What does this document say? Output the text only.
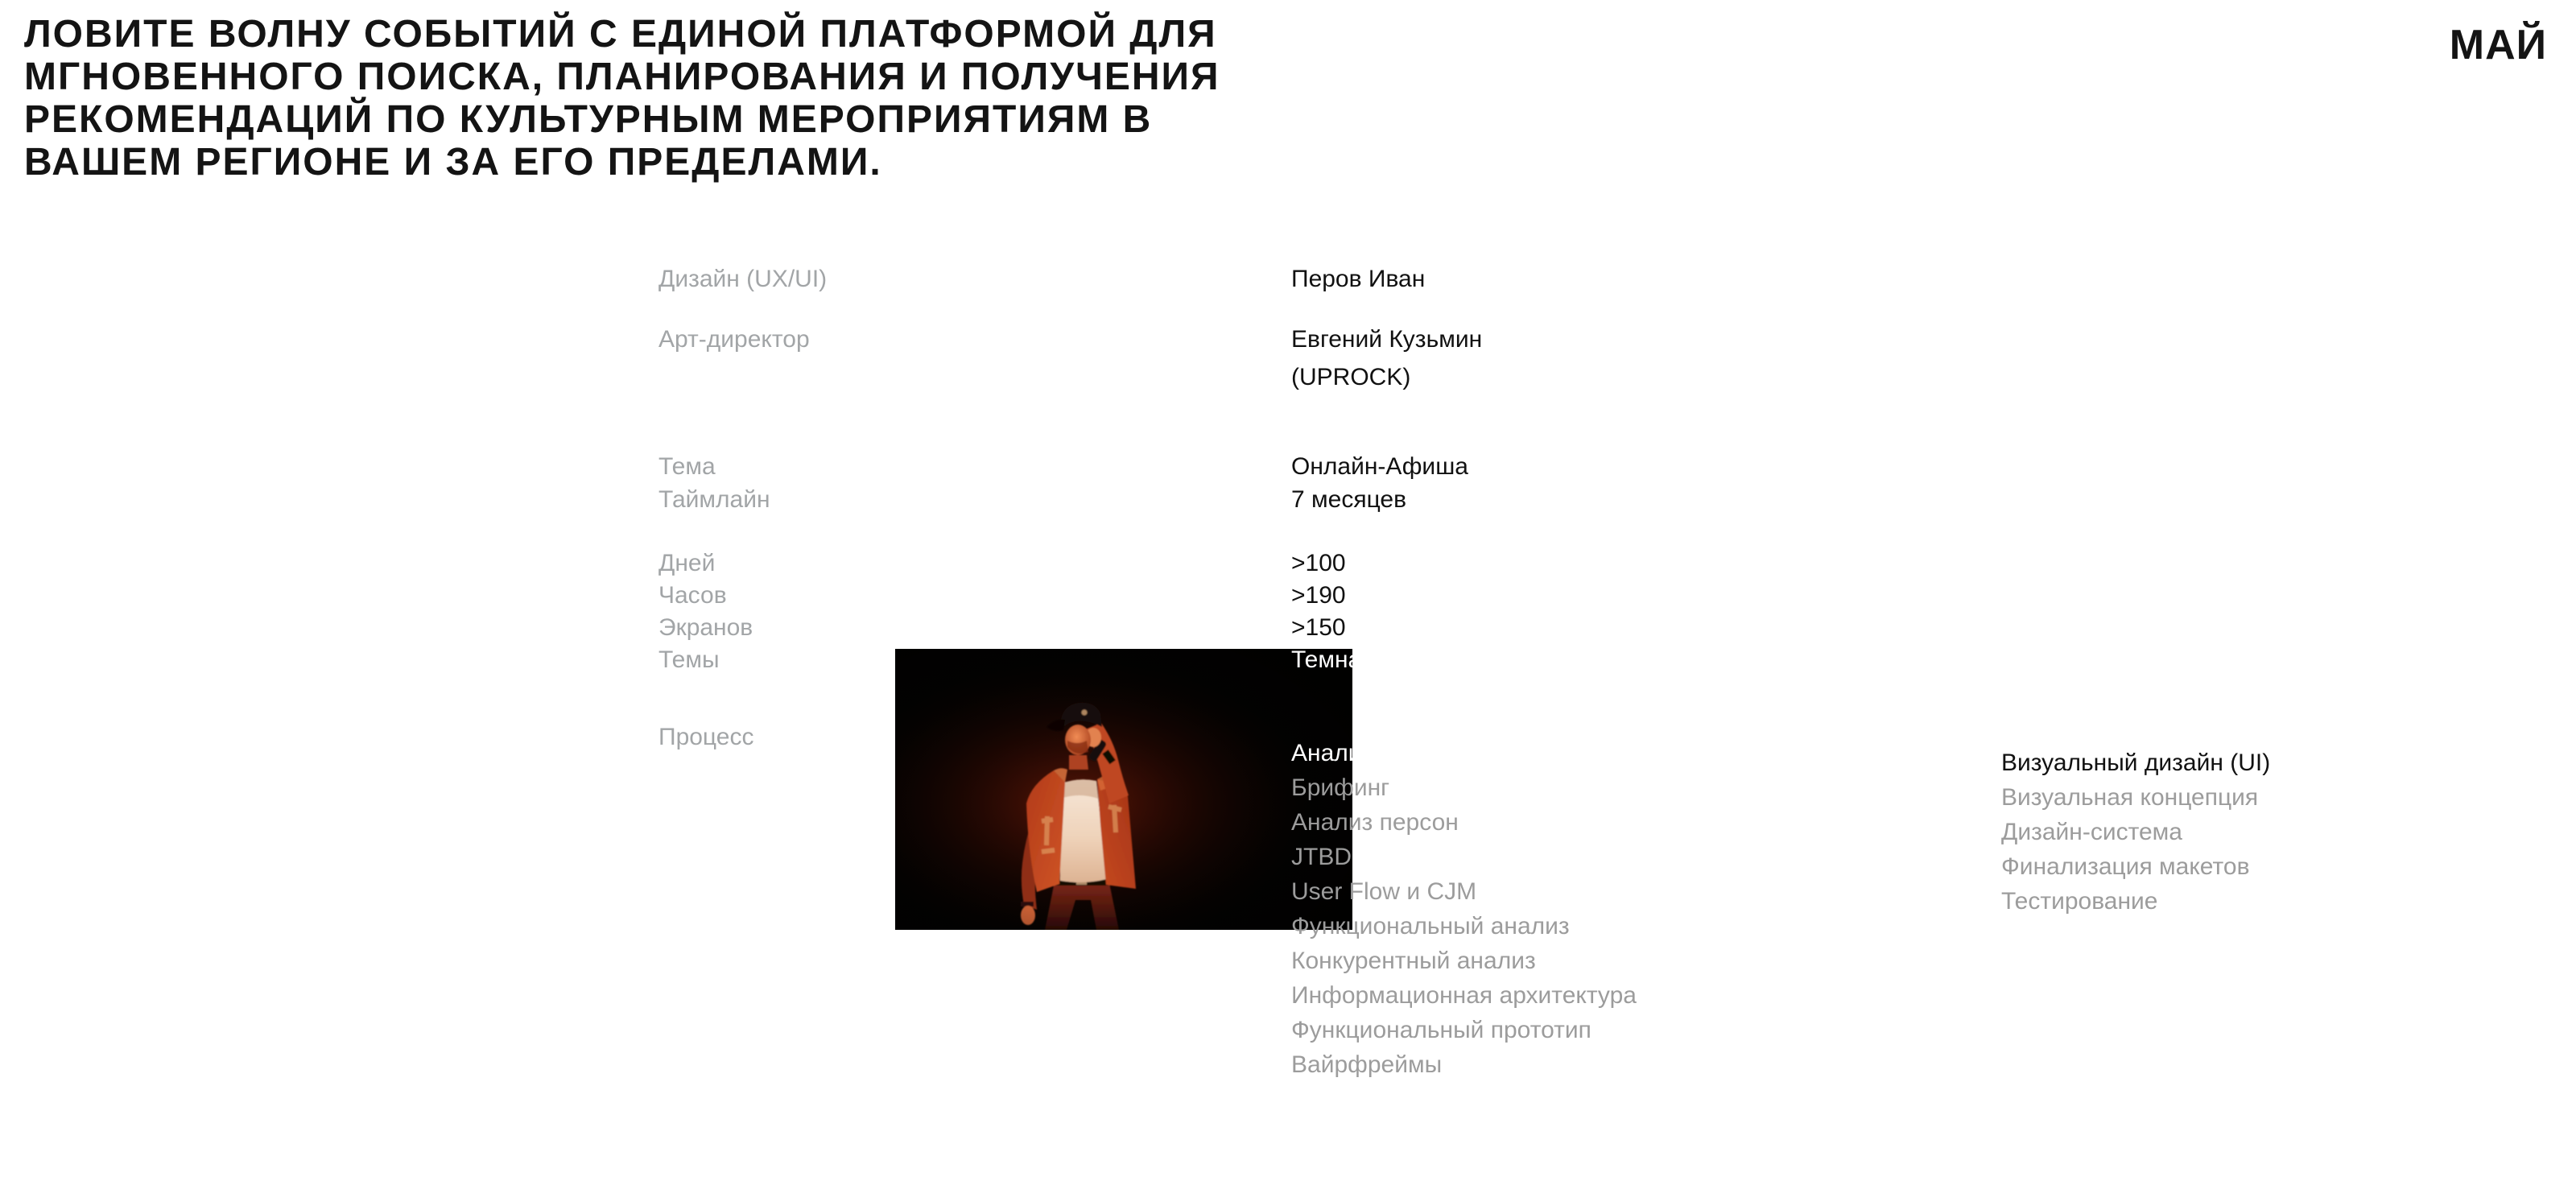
ЛОВИТЕ ВОЛНУ СОБЫТИЙ С ЕДИНОЙ ПЛАТФОРМОЙ ДЛЯ
МГНОВЕННОГО ПОИСКА, ПЛАНИРОВАНИЯ И ПОЛУЧЕНИЯ
РЕКОМЕНДАЦИЙ ПО КУЛЬТУРНЫМ МЕРОПРИЯТИЯМ В
ВАШЕМ РЕГИОНЕ И ЗА ЕГО ПРЕДЕЛАМИ.
МАЙ
Дизайн (UX/UI)	Перов Иван
Арт-директор	Евгений Кузьмин
(UPROCK)
Тема
Таймлайн
Онлайн-Афиша
7 месяцев
Дней
Часов
Экранов
Темы
>100
>190
>150
Темная; Светлая
Процесс
Аналитика и исследование (UX)
Брифинг
Анализ персон
JTBD
User Flow и CJM
Функциональный анализ
Конкурентный анализ
Информационная архитектура
Функциональный прототип
Вайрфреймы
Визуальный дизайн (UI)
Визуальная концепция
Дизайн-система
Финализация макетов
Тестирование
